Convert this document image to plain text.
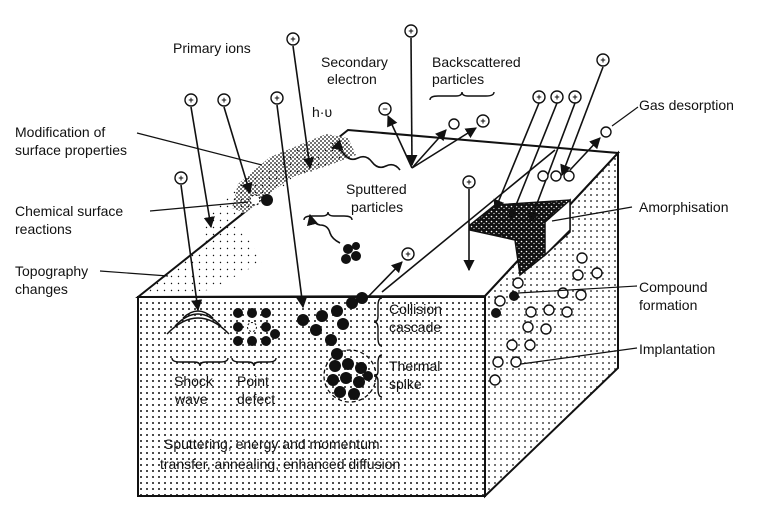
+
+
+	+	+
+	+
+
+ + +
+
+
−
Primary ions
Secondary
electron
Backscattered
particles
Gas desorption
Modification of
surface properties
h·υ
Sputtered
particles
Chemical surface
reactions
Amorphisation
Topography
changes	Compound
formation
Collision
cascade
Implantation
Thermal
spike
Shock
wave
Point
defect
Sputtering, energy and momentum
transfer, annealing, enhanced diffusion
